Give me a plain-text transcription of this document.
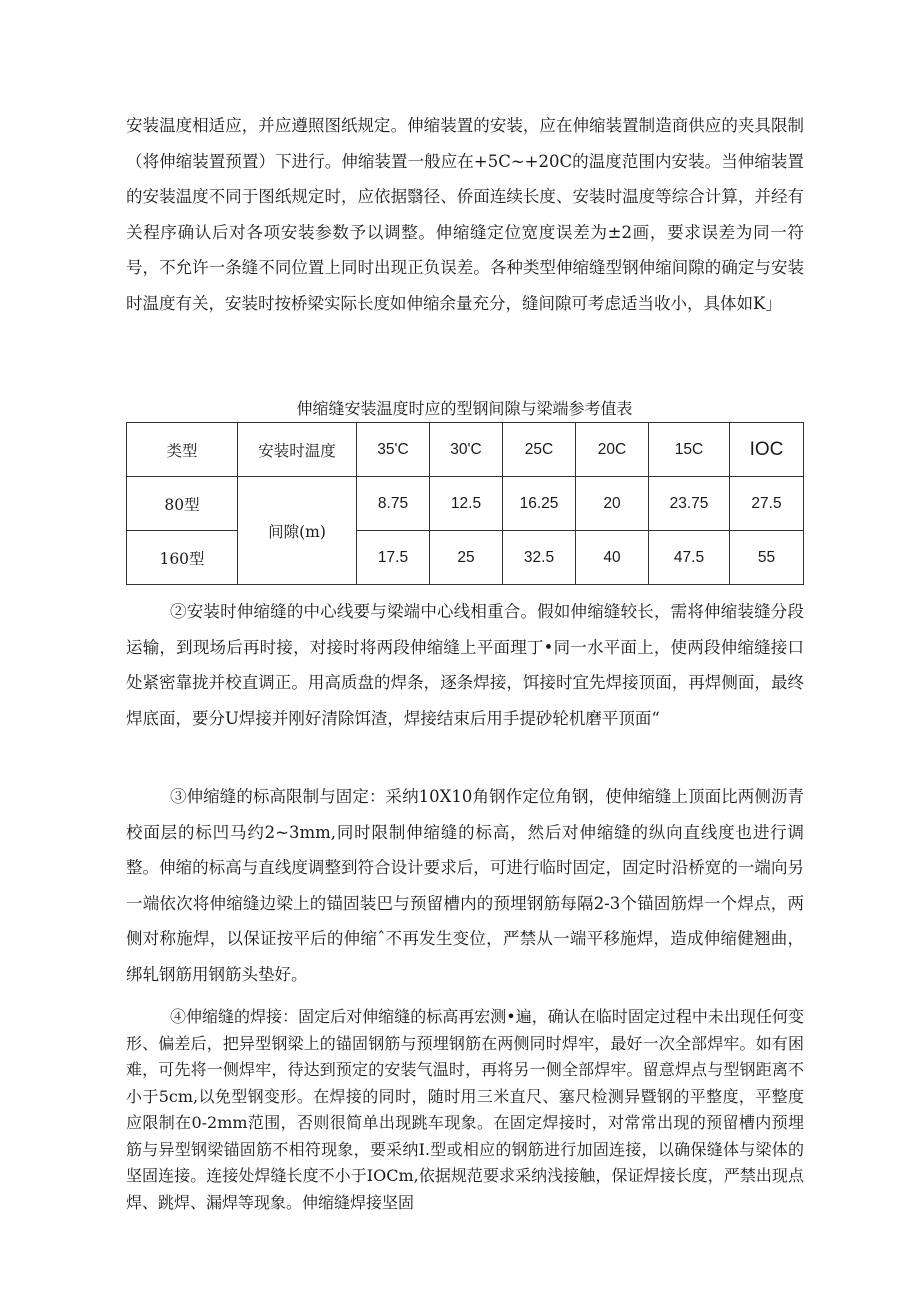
安装温度相适应，并应遵照图纸规定。伸缩装置的安装，应在伸缩装置制造商供应的夹具限制（将伸缩装置预置）下进行。伸缩装置一般应在+5C~+20C的温度范围内安装。当伸缩装置的安装温度不同于图纸规定时，应依据翳径、侨面连续长度、安装时温度等综合计算，并经有关程序确认后对各项安装参数予以调整。伸缩缝定位宽度误差为±2画，要求误差为同一符号，不允许一条缝不同位置上同时出现正负误差。各种类型伸缩缝型钢伸缩间隙的确定与安装时温度有关，安装时按桥梁实际长度如伸缩余量充分，缝间隙可考虑适当收小，具体如K」

伸缩缝安装温度时应的型钢间隙与梁端参考值表
类型	安装时温度	35'C	30'C	25C	20C	15C	IOC
80型	间隙(m)	8.75	12.5	16.25	20	23.75	27.5
160型		17.5	25	32.5	40	47.5	55

②安装时伸缩缝的中心线要与梁端中心线相重合。假如伸缩缝较长，需将伸缩装缝分段运输，到现场后再时接，对接时将两段伸缩缝上平面理丁•同一水平面上，使两段伸缩缝接口处紧密靠拢并校直调正。用高质盘的焊条，逐条焊接，饵接时宜先焊接顶面，再焊侧面，最终焊底面，要分U焊接并刚好清除饵渣，焊接结束后用手提砂轮机磨平顶面“

③伸缩缝的标高限制与固定：采纳10X10角钢作定位角钢，使伸缩缝上顶面比两侧沥青校面层的标凹马约2~3mm,同时限制伸缩缝的标高，然后对伸缩缝的纵向直线度也进行调整。伸缩的标高与直线度调整到符合设计要求后，可进行临时固定，固定时沿桥宽的一端向另一端依次将伸缩缝边梁上的锚固装巴与预留槽内的预埋钢筋每隔2-3个锚固筋焊一个焊点，两侧对称施焊，以保证按平后的伸缩ˆ不再发生变位，严禁从一端平移施焊，造成伸缩健翘曲，绑轧钢筋用钢筋头垫好。

④伸缩缝的焊接：固定后对伸缩缝的标高再宏测•遍，确认在临时固定过程中未出现任何变形、偏差后，把异型钢梁上的锚固钢筋与预埋钢筋在两侧同时焊牢，最好一次全部焊牢。如有困难，可先将一侧焊牢，待达到预定的安装气温时，再将另一侧全部焊牢。留意焊点与型钢距离不小于5cm,以免型钢变形。在焊接的同时，随时用三米直尺、塞尺检测异暨钢的平整度，平整度应限制在0-2mm范围，否则很简单出现跳车现象。在固定焊接时，对常常出现的预留槽内预埋筋与异型钢梁锚固筋不相符现象，要采纳I.型或相应的钢筋进行加固连接，以确保缝体与梁体的坚固连接。连接处焊缝长度不小于IOCm,依据规范要求采纳浅接触，保证焊接长度，严禁出现点焊、跳焊、漏焊等现象。伸缩缝焊接坚固
